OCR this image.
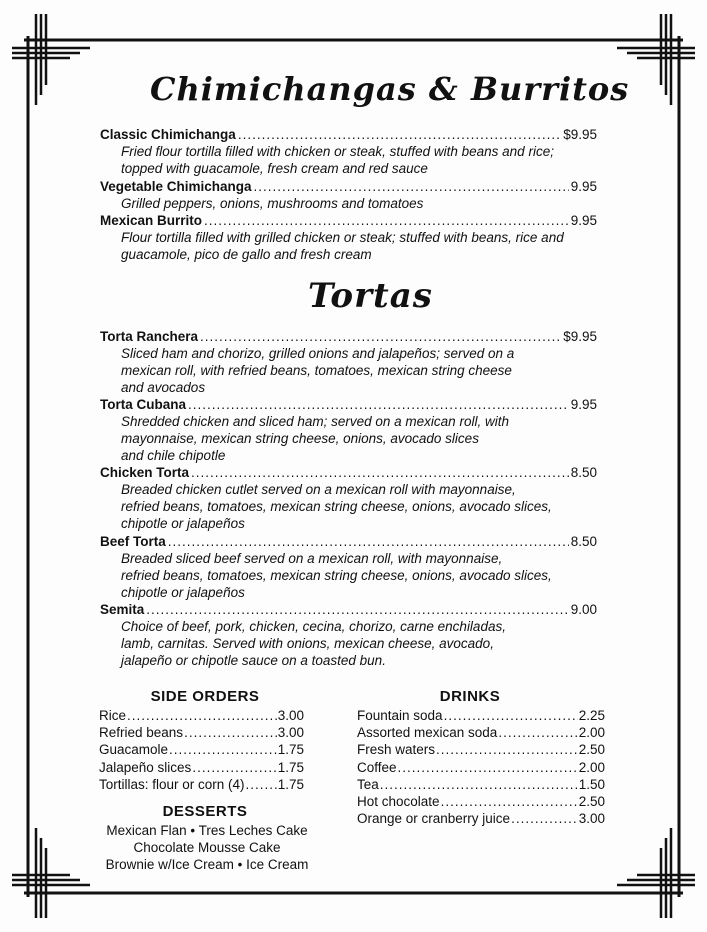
Chimichangas & Burritos
Classic Chimichanga .....	$9.95
Fried flour tortilla filled with chicken or steak, stuffed with beans and rice;
topped with guacamole, fresh cream and red sauce
Vegetable Chimichanga .....	9.95
Grilled peppers, onions, mushrooms and tomatoes
Mexican Burrito .....	9.95
Flour tortilla filled with grilled chicken or steak; stuffed with beans, rice and
guacamole, pico de gallo and fresh cream
Tortas
Torta Ranchera .....	$9.95
Sliced ham and chorizo, grilled onions and jalapeños; served on a
mexican roll, with refried beans, tomatoes, mexican string cheese
and avocados
Torta Cubana .....	9.95
Shredded chicken and sliced ham; served on a mexican roll, with
mayonnaise, mexican string cheese, onions, avocado slices
and chile chipotle
Chicken Torta .....	8.50
Breaded chicken cutlet served on a mexican roll with mayonnaise,
refried beans, tomatoes, mexican string cheese, onions, avocado slices,
chipotle or jalapeños
Beef Torta .....	8.50
Breaded sliced beef served on a mexican roll, with mayonnaise,
refried beans, tomatoes, mexican string cheese, onions, avocado slices,
chipotle or jalapeños
Semita .....	9.00
Choice of beef, pork, chicken, cecina, chorizo, carne enchiladas,
lamb, carnitas. Served with onions, mexican cheese, avocado,
jalapeño or chipotle sauce on a toasted bun.
SIDE ORDERS
Rice .....	3.00
Refried beans .....	3.00
Guacamole .....	1.75
Jalapeño slices .....	1.75
Tortillas: flour or corn (4) ..... 1.75
DESSERTS
Mexican Flan • Tres Leches Cake
Chocolate Mousse Cake
Brownie w/Ice Cream • Ice Cream
DRINKS
Fountain soda .....	2.25
Assorted mexican soda .....	2.00
Fresh waters .....	2.50
Coffee .....	2.00
Tea .....	1.50
Hot chocolate .....	2.50
Orange or cranberry juice .....	3.00
